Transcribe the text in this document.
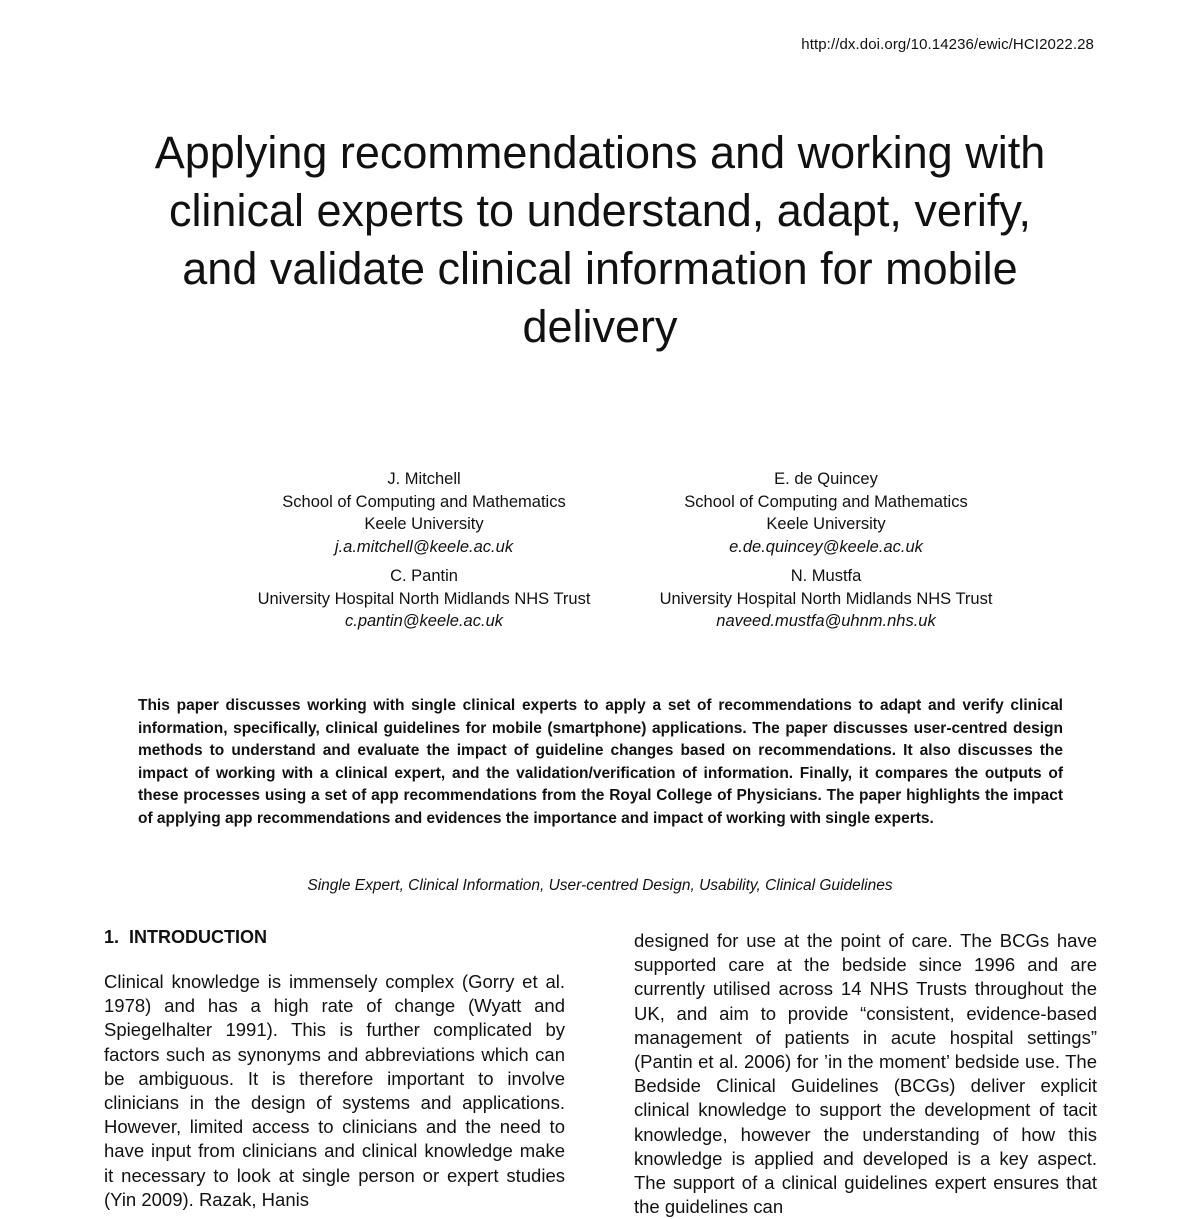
http://dx.doi.org/10.14236/ewic/HCI2022.28
Applying recommendations and working with
clinical experts to understand, adapt, verify,
and validate clinical information for mobile
delivery
J. Mitchell
School of Computing and Mathematics
Keele University
j.a.mitchell@keele.ac.uk
E. de Quincey
School of Computing and Mathematics
Keele University
e.de.quincey@keele.ac.uk
C. Pantin
University Hospital North Midlands NHS Trust
c.pantin@keele.ac.uk
N. Mustfa
University Hospital North Midlands NHS Trust
naveed.mustfa@uhnm.nhs.uk

This paper discusses working with single clinical experts to apply a set of recommendations to adapt and verify clinical information, specifically, clinical guidelines for mobile (smartphone) applications. The paper discusses user-centred design methods to understand and evaluate the impact of guideline changes based on recommendations. It also discusses the impact of working with a clinical expert, and the validation/verification of information. Finally, it compares the outputs of these processes using a set of app recommendations from the Royal College of Physicians. The paper highlights the impact of applying app recommendations and evidences the importance and impact of working with single experts.

Single Expert, Clinical Information, User-centred Design, Usability, Clinical Guidelines
1. INTRODUCTION

Clinical knowledge is immensely complex (Gorry et al. 1978) and has a high rate of change (Wyatt and Spiegelhalter 1991). This is further complicated by factors such as synonyms and abbreviations which can be ambiguous. It is therefore important to involve clinicians in the design of systems and applications. However, limited access to clinicians and the need to have input from clinicians and clinical knowledge make it necessary to look at single person or expert studies (Yin 2009). Razak, Hanis

designed for use at the point of care. The BCGs have supported care at the bedside since 1996 and are currently utilised across 14 NHS Trusts throughout the UK, and aim to provide “consistent, evidence-based management of patients in acute hospital settings” (Pantin et al. 2006) for ’in the moment’ bedside use. The Bedside Clinical Guidelines (BCGs) deliver explicit clinical knowledge to support the development of tacit knowledge, however the understanding of how this knowledge is applied and developed is a key aspect. The support of a clinical guidelines expert ensures that the guidelines can
